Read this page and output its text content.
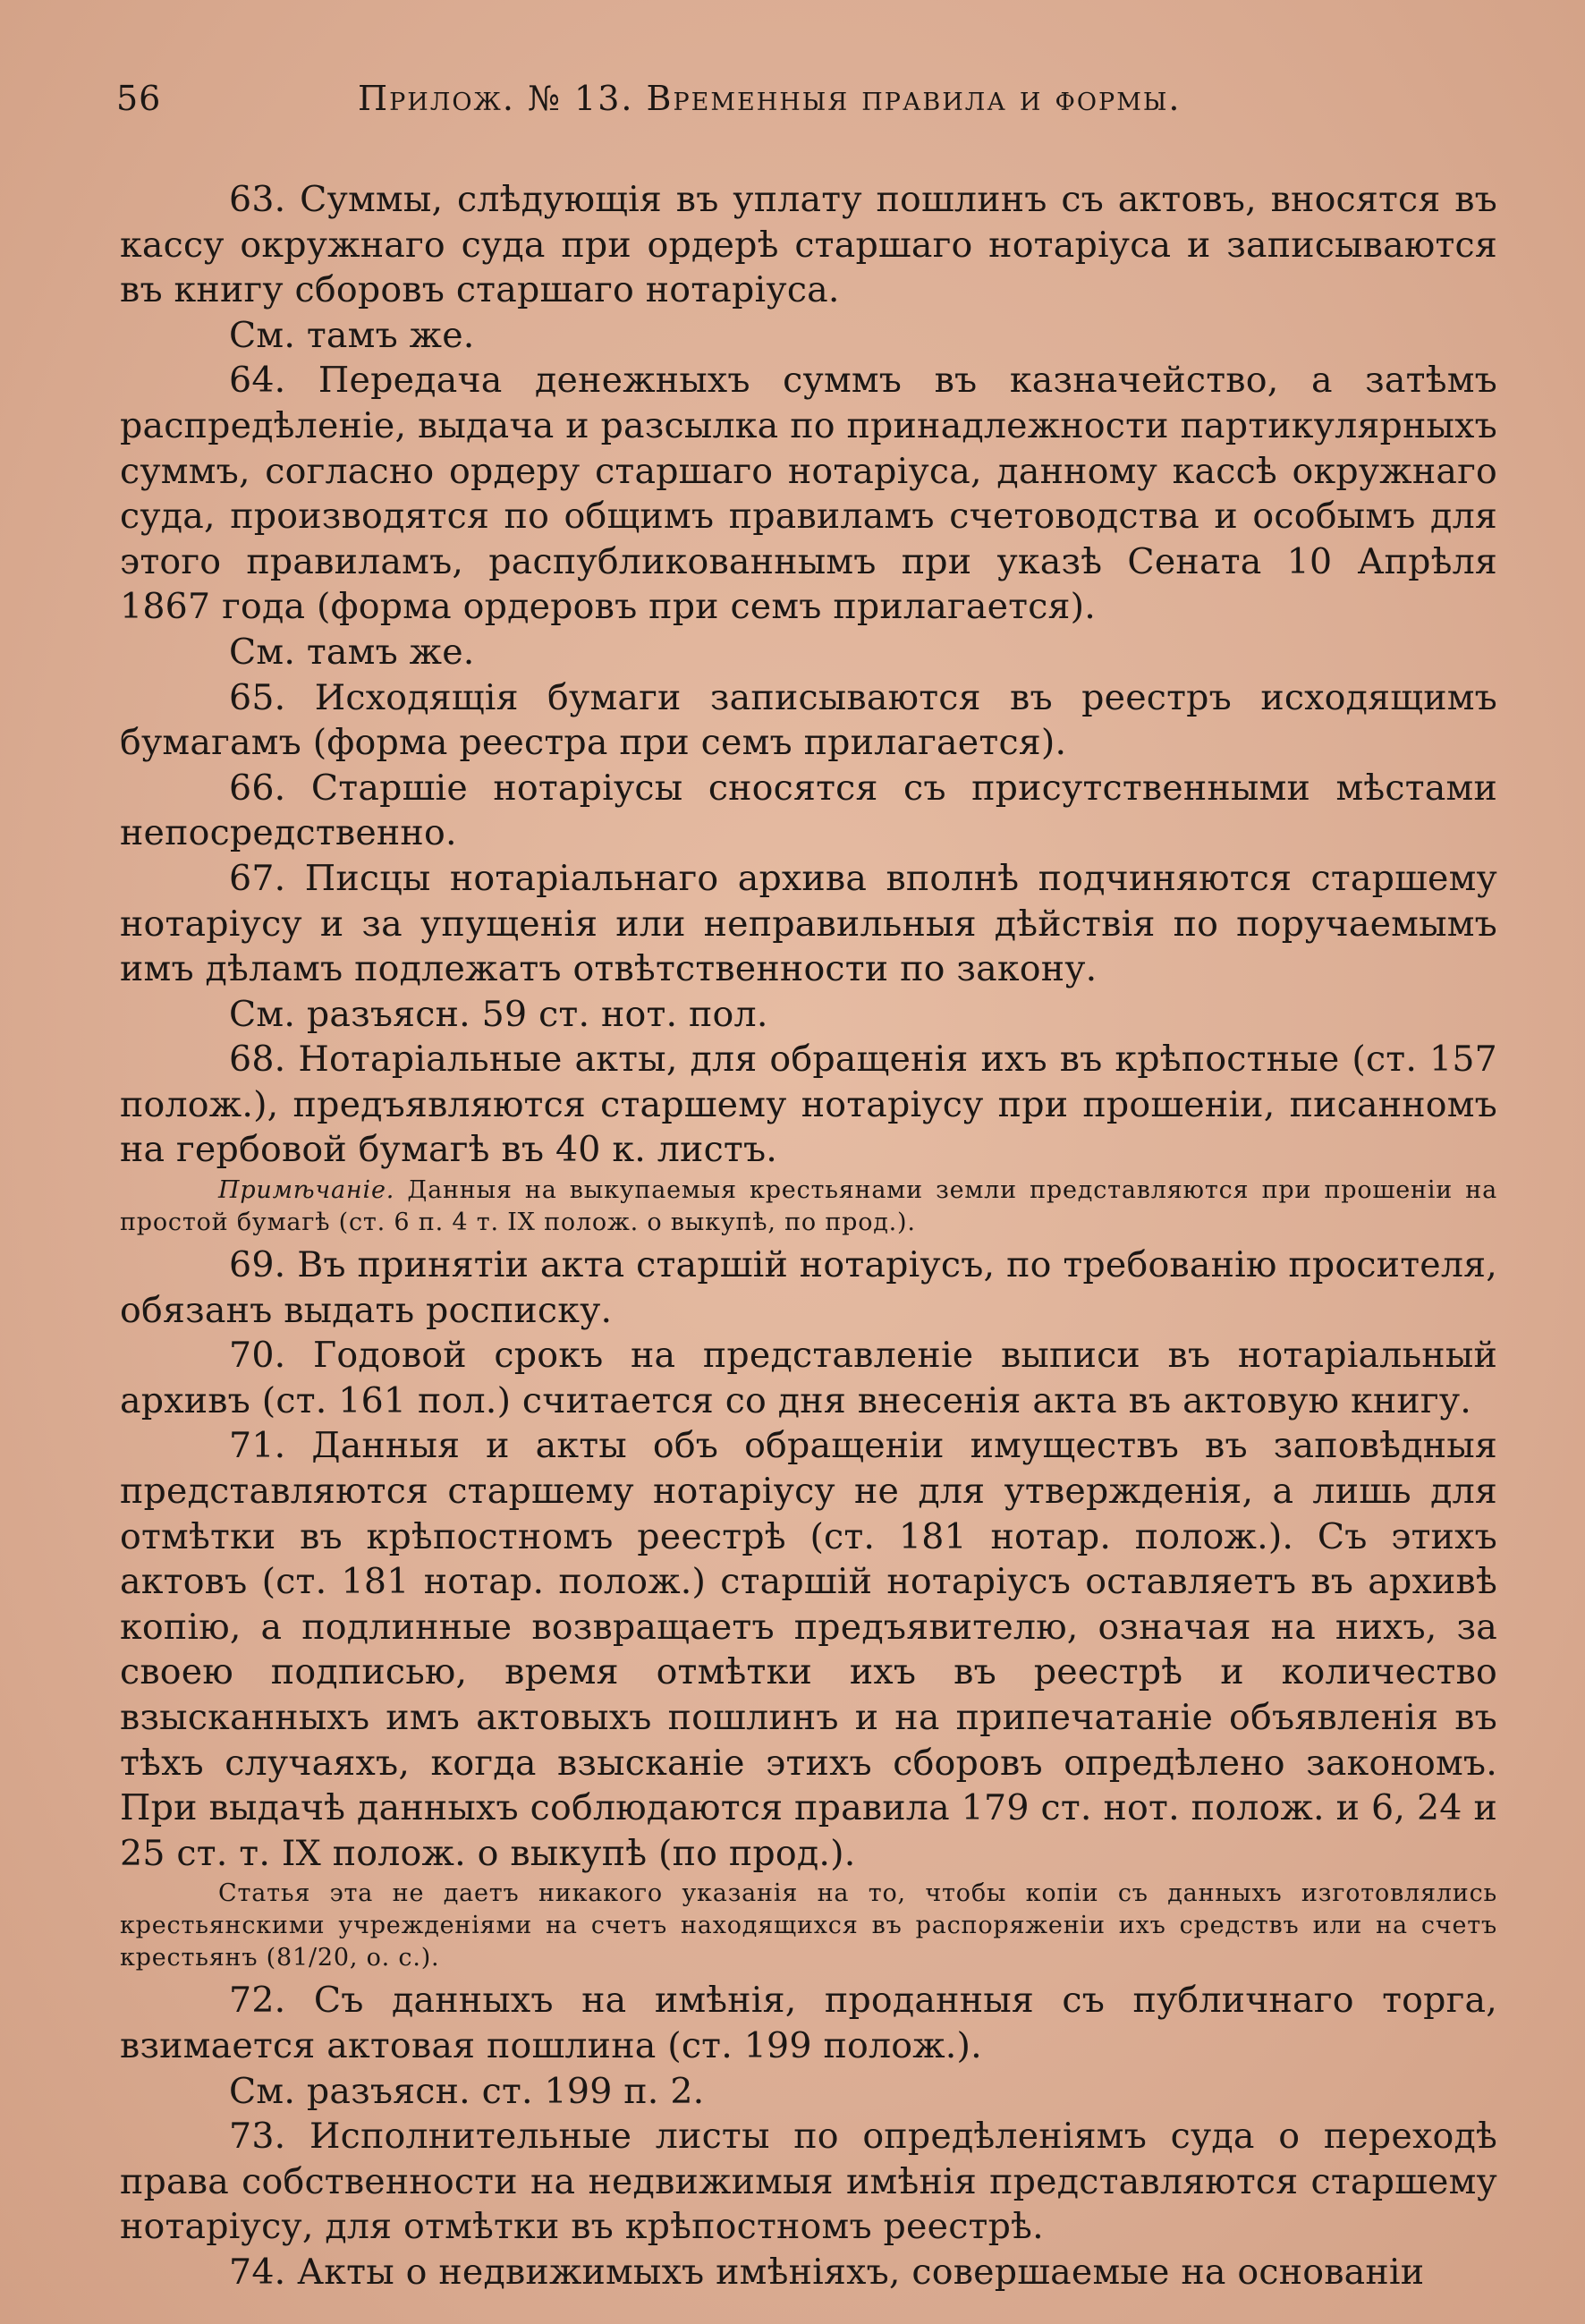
56	Прилож. № 13. Временныя правила и формы.

63. Суммы, слѣдующія въ уплату пошлинъ съ актовъ, вносятся въ кассу окружнаго суда при ордерѣ старшаго нотаріуса и записываются въ книгу сборовъ старшаго нотаріуса.

См. тамъ же.

64. Передача денежныхъ суммъ въ казначейство, а затѣмъ распредѣленіе, выдача и разсылка по принадлежности партикулярныхъ суммъ, согласно ордеру старшаго нотаріуса, данному кассѣ окружнаго суда, производятся по общимъ правиламъ счетоводства и особымъ для этого правиламъ, распубликованнымъ при указѣ Сената 10 Апрѣля 1867 года (форма ордеровъ при семъ прилагается).

См. тамъ же.

65. Исходящія бумаги записываются въ реестръ исходящимъ бумагамъ (форма реестра при семъ прилагается).

66. Старшіе нотаріусы сносятся съ присутственными мѣстами непосредственно.

67. Писцы нотаріальнаго архива вполнѣ подчиняются старшему нотаріусу и за упущенія или неправильныя дѣйствія по поручаемымъ имъ дѣламъ подлежатъ отвѣтственности по закону.

См. разъясн. 59 ст. нот. пол.

68. Нотаріальные акты, для обращенія ихъ въ крѣпостные (ст. 157 полож.), предъявляются старшему нотаріусу при прошеніи, писанномъ на гербовой бумагѣ въ 40 к. листъ.

Примѣчаніе. Данныя на выкупаемыя крестьянами земли представляются при прошеніи на простой бумагѣ (ст. 6 п. 4 т. IX полож. о выкупѣ, по прод.).

69. Въ принятіи акта старшій нотаріусъ, по требованію просителя, обязанъ выдать росписку.

70. Годовой срокъ на представленіе выписи въ нотаріальный архивъ (ст. 161 пол.) считается со дня внесенія акта въ актовую книгу.

71. Данныя и акты объ обращеніи имуществъ въ заповѣдныя представляются старшему нотаріусу не для утвержденія, а лишь для отмѣтки въ крѣпостномъ реестрѣ (ст. 181 нотар. полож.). Съ этихъ актовъ (ст. 181 нотар. полож.) старшій нотаріусъ оставляетъ въ архивѣ копію, а подлинные возвращаетъ предъявителю, означая на нихъ, за своею подписью, время отмѣтки ихъ въ реестрѣ и количество взысканныхъ имъ актовыхъ пошлинъ и на припечатаніе объявленія въ тѣхъ случаяхъ, когда взысканіе этихъ сборовъ опредѣлено закономъ. При выдачѣ данныхъ соблюдаются правила 179 ст. нот. полож. и 6, 24 и 25 ст. т. IX полож. о выкупѣ (по прод.).

Статья эта не даетъ никакого указанія на то, чтобы копіи съ данныхъ изготовлялись крестьянскими учрежденіями на счетъ находящихся въ распоряженіи ихъ средствъ или на счетъ крестьянъ (81/20, о. с.).

72. Съ данныхъ на имѣнія, проданныя съ публичнаго торга, взимается актовая пошлина (ст. 199 полож.).

См. разъясн. ст. 199 п. 2.

73. Исполнительные листы по опредѣленіямъ суда о переходѣ права собственности на недвижимыя имѣнія представляются старшему нотаріусу, для отмѣтки въ крѣпостномъ реестрѣ.

74. Акты о недвижимыхъ имѣніяхъ, совершаемые на основаніи
